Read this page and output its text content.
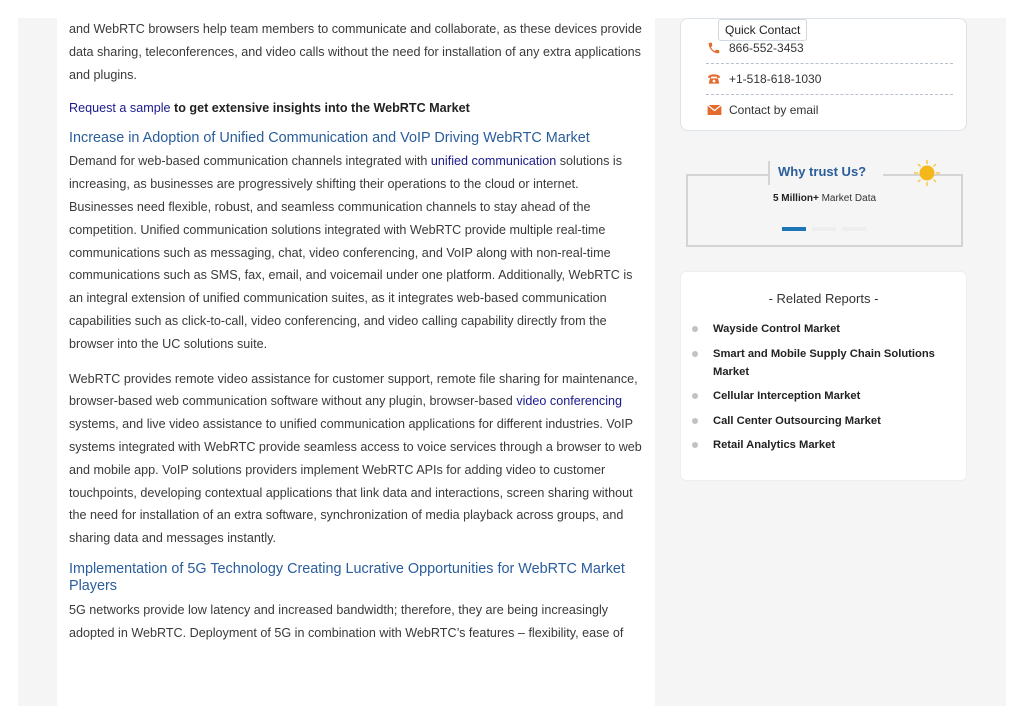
and WebRTC browsers help team members to communicate and collaborate, as these devices provide data sharing, teleconferences, and video calls without the need for installation of any extra applications and plugins.

Request a sample to get extensive insights into the WebRTC Market

Increase in Adoption of Unified Communication and VoIP Driving WebRTC Market

Demand for web-based communication channels integrated with unified communication solutions is increasing, as businesses are progressively shifting their operations to the cloud or internet. Businesses need flexible, robust, and seamless communication channels to stay ahead of the competition. Unified communication solutions integrated with WebRTC provide multiple real-time communications such as messaging, chat, video conferencing, and VoIP along with non-real-time communications such as SMS, fax, email, and voicemail under one platform. Additionally, WebRTC is an integral extension of unified communication suites, as it integrates web-based communication capabilities such as click-to-call, video conferencing, and video calling capability directly from the browser into the UC solutions suite.

WebRTC provides remote video assistance for customer support, remote file sharing for maintenance, browser-based web communication software without any plugin, browser-based video conferencing systems, and live video assistance to unified communication applications for different industries. VoIP systems integrated with WebRTC provide seamless access to voice services through a browser to web and mobile app. VoIP solutions providers implement WebRTC APIs for adding video to customer touchpoints, developing contextual applications that link data and interactions, screen sharing without the need for installation of an extra software, synchronization of media playback across groups, and sharing data and messages instantly.

Implementation of 5G Technology Creating Lucrative Opportunities for WebRTC Market Players

5G networks provide low latency and increased bandwidth; therefore, they are being increasingly adopted in WebRTC. Deployment of 5G in combination with WebRTC’s features – flexibility, ease of

Quick Contact
866-552-3453
+1-518-618-1030
Contact by email
Why trust Us?
5 Million+ Market Data
- Related Reports -
Wayside Control Market
Smart and Mobile Supply Chain Solutions Market
Cellular Interception Market
Call Center Outsourcing Market
Retail Analytics Market
